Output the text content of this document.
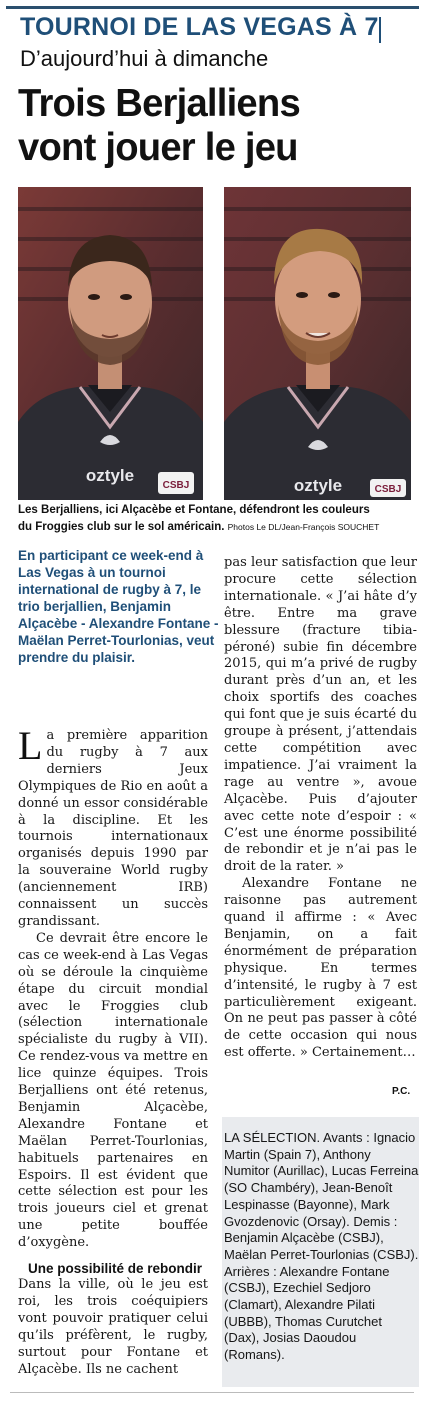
TOURNOI DE LAS VEGAS À 7
D’aujourd’hui à dimanche
Trois Berjalliens
vont jouer le jeu
oztyle
CSBJ	oztyle	CSBJ
Les Berjalliens, ici Alçacèbe et Fontane, défendront les couleurs
du Froggies club sur le sol américain. Photos Le DL/Jean-François SOUCHET
En participant ce week-end à Las Vegas à un tournoi international de rugby à 7, le trio berjallien, Benjamin Alçacèbe - Alexandre Fontane - Maëlan Perret-Tourlonias, veut prendre du plaisir.

La première apparition du rugby à 7 aux derniers Jeux Olympiques de Rio en août a donné un essor considérable à la discipline. Et les tournois internationaux organisés depuis 1990 par la souveraine World rugby (anciennement IRB) connaissent un succès grandissant.

Ce devrait être encore le cas ce week-end à Las Vegas où se déroule la cinquième étape du circuit mondial avec le Froggies club (sélection internationale spécialiste du rugby à VII). Ce rendez-vous va mettre en lice quinze équipes. Trois Berjalliens ont été retenus, Benjamin Alçacèbe, Alexandre Fontane et Maëlan Perret-Tourlonias, habituels partenaires en Espoirs. Il est évident que cette sélection est pour les trois joueurs ciel et grenat une petite bouffée d’oxygène.

Une possibilité de rebondir

Dans la ville, où le jeu est roi, les trois coéquipiers vont pouvoir pratiquer celui qu’ils préfèrent, le rugby, surtout pour Fontane et Alçacèbe. Ils ne cachent

pas leur satisfaction que leur procure cette sélection internationale. « J’ai hâte d’y être. Entre ma grave blessure (fracture tibia-péroné) subie fin décembre 2015, qui m’a privé de rugby durant près d’un an, et les choix sportifs des coaches qui font que je suis écarté du groupe à présent, j’attendais cette compétition avec impatience. J’ai vraiment la rage au ventre », avoue Alçacèbe. Puis d’ajouter avec cette note d’espoir : « C’est une énorme possibilité de rebondir et je n’ai pas le droit de la rater. »

Alexandre Fontane ne raisonne pas autrement quand il affirme : « Avec Benjamin, on a fait énormément de préparation physique. En termes d’intensité, le rugby à 7 est particulièrement exigeant. On ne peut pas passer à côté de cette occasion qui nous est offerte. » Certainement…

P.C.
LA SÉLECTION. Avants : Ignacio Martin (Spain 7), Anthony Numitor (Aurillac), Lucas Ferreina (SO Chambéry), Jean-Benoît Lespinasse (Bayonne), Mark Gvozdenovic (Orsay). Demis : Benjamin Alçacèbe (CSBJ), Maëlan Perret-Tourlonias (CSBJ). Arrières : Alexandre Fontane (CSBJ), Ezechiel Sedjoro (Clamart), Alexandre Pilati (UBBB), Thomas Curutchet (Dax), Josias Daoudou (Romans).
